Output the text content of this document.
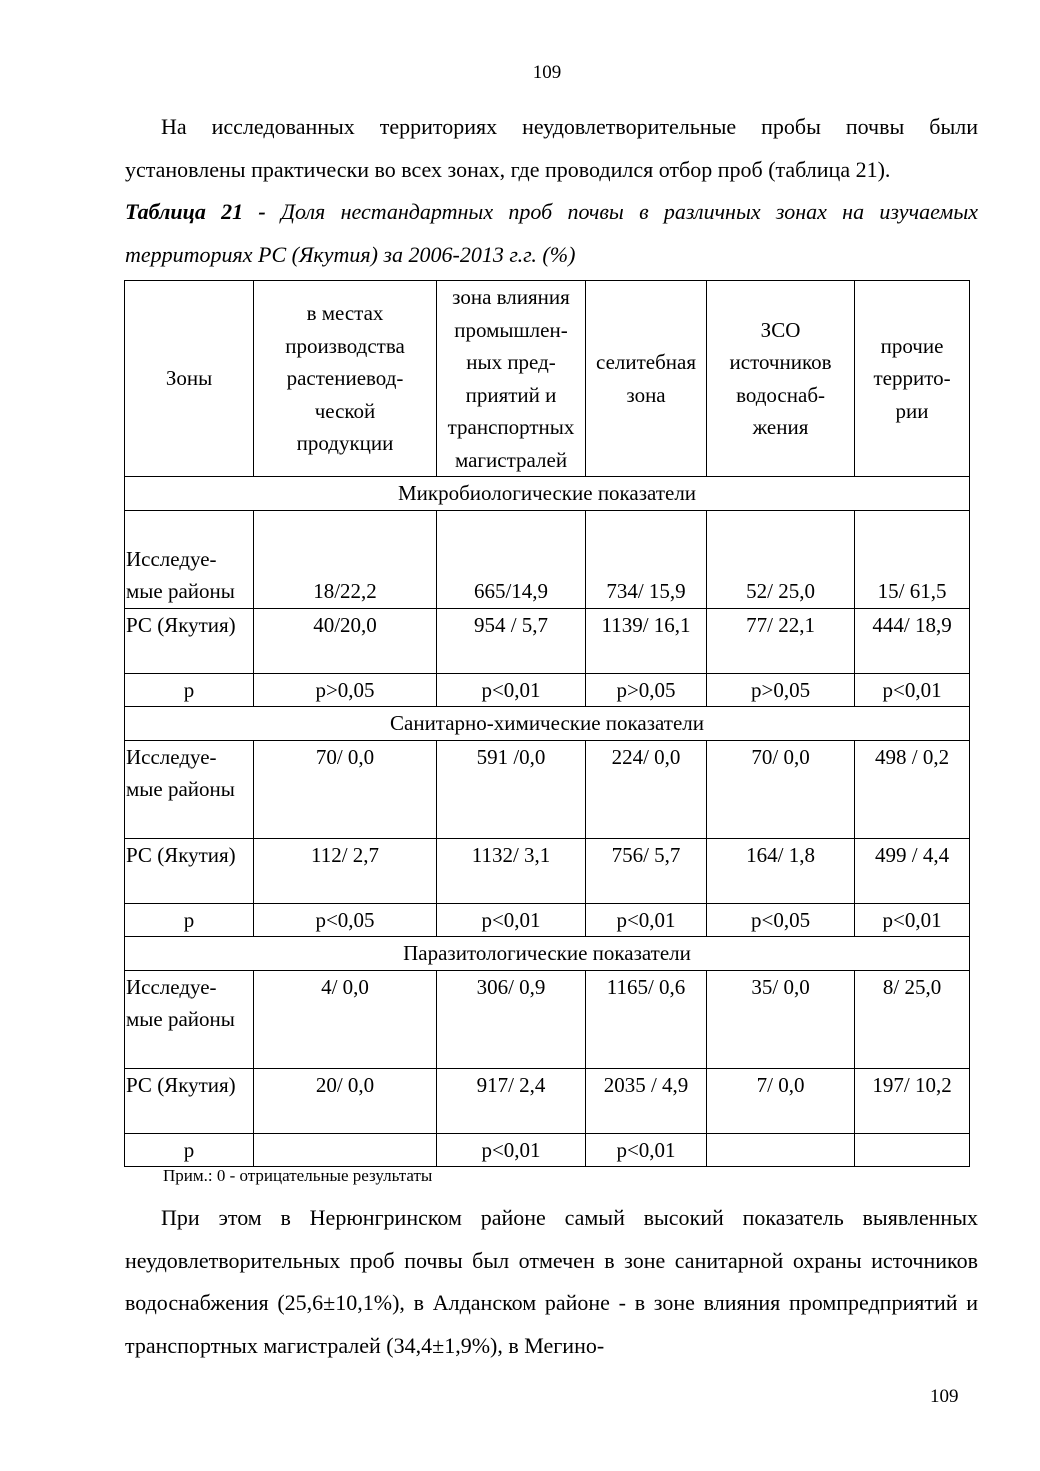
109

На исследованных территориях неудовлетворительные пробы почвы были установлены практически во всех зонах, где проводился отбор проб (таблица 21).

Таблица 21 - Доля нестандартных проб почвы в различных зонах на изучаемых территориях РС (Якутия) за 2006-2013 г.г. (%)

Зоны	в местах производства растениевод-ческой продукции	зона влияния промышлен-ных пред-приятий и транспортных магистралей	селитебная зона	ЗСО источников водоснаб-жения	прочие террито-рии
Микробиологические показатели					
Исследуе-мые районы	18/22,2	665/14,9	734/ 15,9	52/ 25,0	15/ 61,5
РС (Якутия)	40/20,0	954 / 5,7	1139/ 16,1	77/ 22,1	444/ 18,9
p	p>0,05	p<0,01	p>0,05	p>0,05	p<0,01
Санитарно-химические показатели					
Исследуе-мые районы	70/ 0,0	591 /0,0	224/ 0,0	70/ 0,0	498 / 0,2
РС (Якутия)	112/ 2,7	1132/ 3,1	756/ 5,7	164/ 1,8	499 / 4,4
p	p<0,05	p<0,01	p<0,01	p<0,05	p<0,01
Паразитологические показатели					
Исследуе-мые районы	4/ 0,0	306/ 0,9	1165/ 0,6	35/ 0,0	8/ 25,0
РС (Якутия)	20/ 0,0	917/ 2,4	2035 / 4,9	7/ 0,0	197/ 10,2
p		p<0,01	p<0,01		
Прим.: 0 - отрицательные результаты

При этом в Нерюнгринском районе самый высокий показатель выявленных неудовлетворительных проб почвы был отмечен в зоне санитарной охраны источников водоснабжения (25,6±10,1%), в Алданском районе - в зоне влияния промпредприятий и транспортных магистралей (34,4±1,9%), в Мегино-

109
